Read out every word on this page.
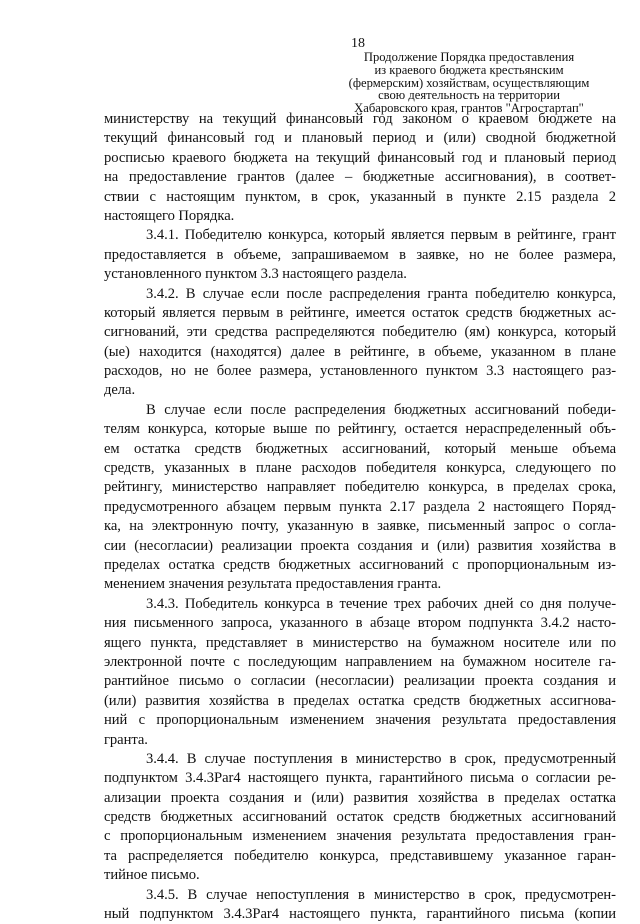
18
Продолжение Порядка предоставления
из краевого бюджета крестьянским
(фермерским) хозяйствам, осуществляющим
свою деятельность на территории
Хабаровского края, грантов "Агростартап"
министерству на текущий финансовый год законом о краевом бюджете на
текущий финансовый год и плановый период и (или) сводной бюджетной
росписью краевого бюджета на текущий финансовый год и плановый период
на предоставление грантов (далее – бюджетные ассигнования), в соответ-
ствии с настоящим пунктом, в срок, указанный в пункте 2.15 раздела 2
настоящего Порядка.
3.4.1. Победителю конкурса, который является первым в рейтинге, грант
предоставляется в объеме, запрашиваемом в заявке, но не более размера,
установленного пунктом 3.3 настоящего раздела.
3.4.2. В случае если после распределения гранта победителю конкурса,
который является первым в рейтинге, имеется остаток средств бюджетных ас-
сигнований, эти средства распределяются победителю (ям) конкурса, который
(ые) находится (находятся) далее в рейтинге, в объеме, указанном в плане
расходов, но не более размера, установленного пунктом 3.3 настоящего раз-
дела.
В случае если после распределения бюджетных ассигнований победи-
телям конкурса, которые выше по рейтингу, остается нераспределенный объ-
ем остатка средств бюджетных ассигнований, который меньше объема
средств, указанных в плане расходов победителя конкурса, следующего по
рейтингу, министерство направляет победителю конкурса, в пределах срока,
предусмотренного абзацем первым пункта 2.17 раздела 2 настоящего Поряд-
ка, на электронную почту, указанную в заявке, письменный запрос о согла-
сии (несогласии) реализации проекта создания и (или) развития хозяйства в
пределах остатка средств бюджетных ассигнований с пропорциональным из-
менением значения результата предоставления гранта.
3.4.3. Победитель конкурса в течение трех рабочих дней со дня получе-
ния письменного запроса, указанного в абзаце втором подпункта 3.4.2 насто-
ящего пункта, представляет в министерство на бумажном носителе или по
электронной почте с последующим направлением на бумажном носителе га-
рантийное письмо о согласии (несогласии) реализации проекта создания и
(или) развития хозяйства в пределах остатка средств бюджетных ассигнова-
ний с пропорциональным изменением значения результата предоставления
гранта.
3.4.4. В случае поступления в министерство в срок, предусмотренный
подпунктом 3.4.3Par4 настоящего пункта, гарантийного письма о согласии ре-
ализации проекта создания и (или) развития хозяйства в пределах остатка
средств бюджетных ассигнований остаток средств бюджетных ассигнований
с пропорциональным изменением значения результата предоставления гран-
та распределяется победителю конкурса, представившему указанное гаран-
тийное письмо.
3.4.5. В случае непоступления в министерство в срок, предусмотрен-
ный подпунктом 3.4.3Par4 настоящего пункта, гарантийного письма (копии
